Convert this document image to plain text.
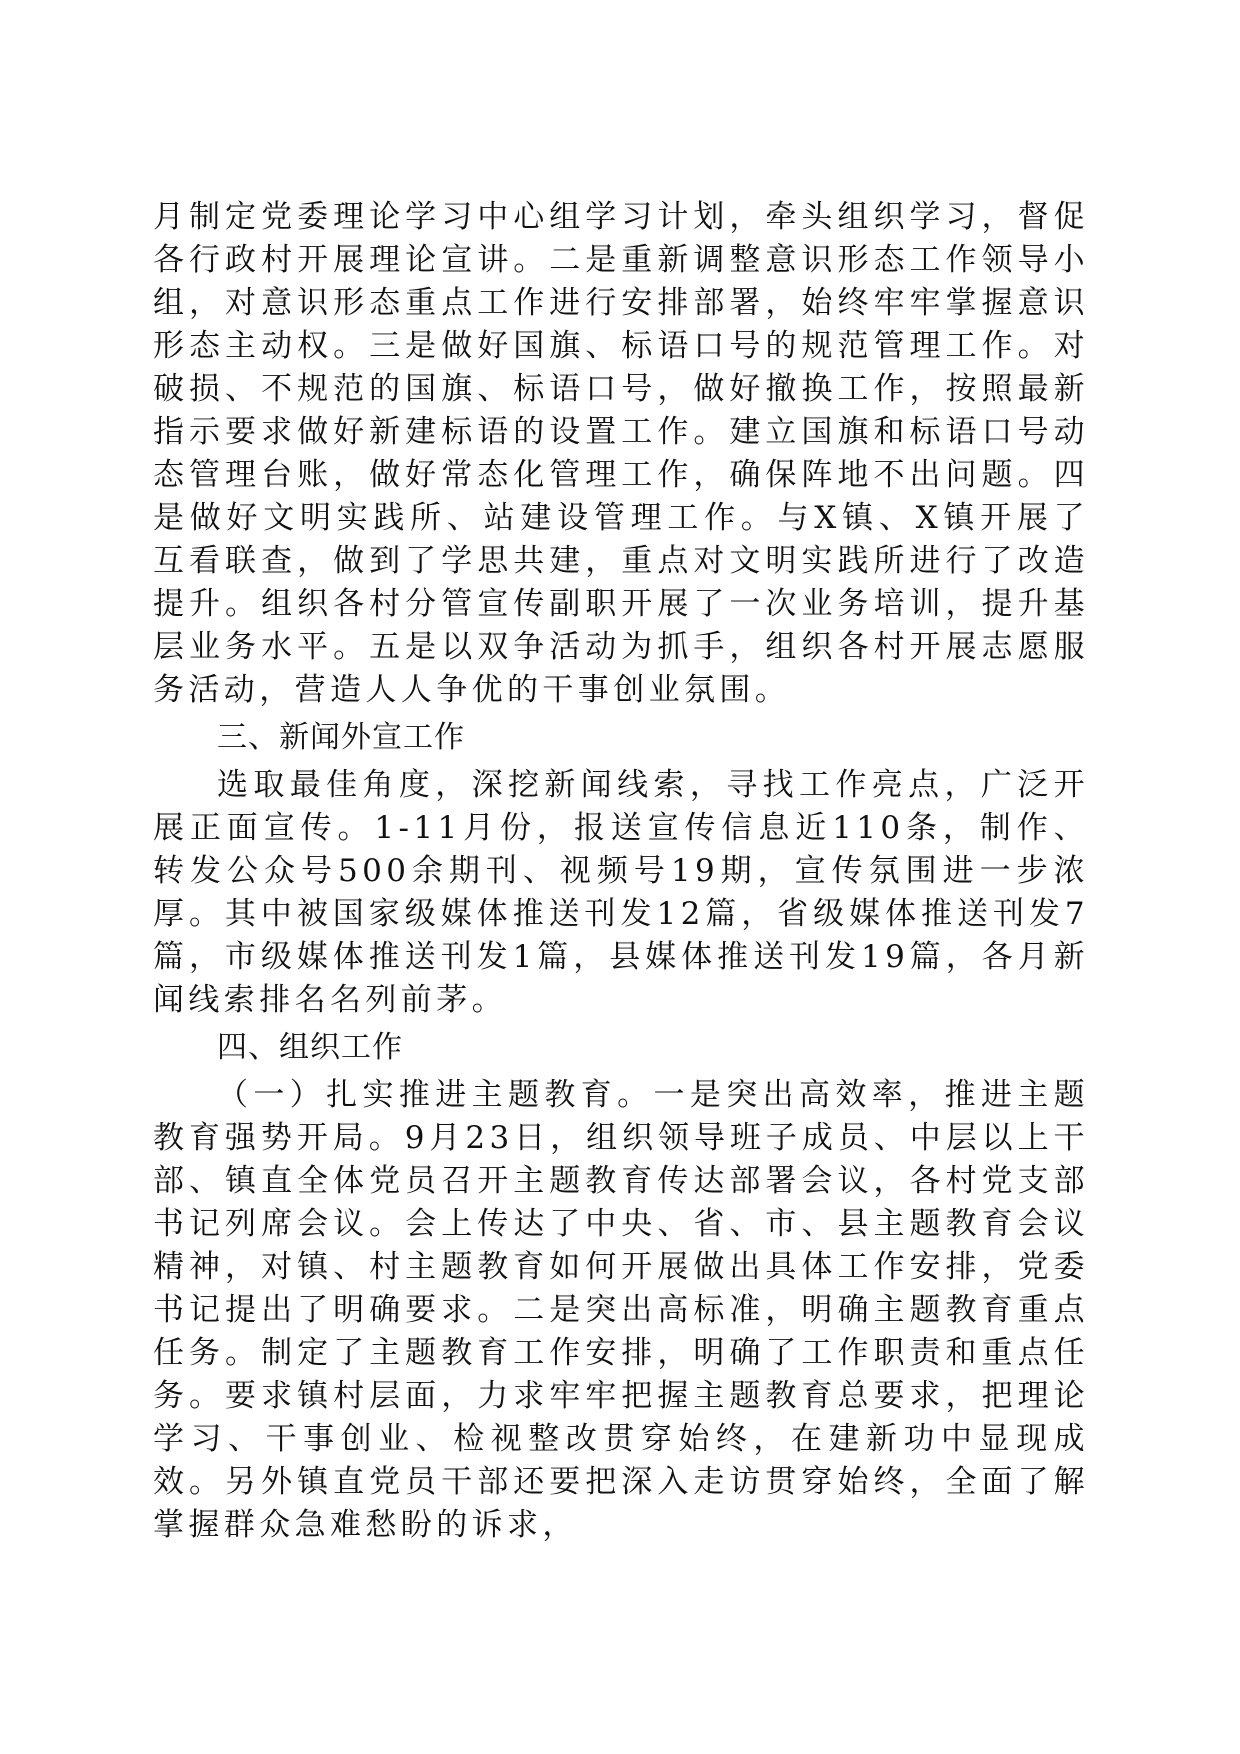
月制定党委理论学习中心组学习计划，牵头组织学习，督促各行政村开展理论宣讲。二是重新调整意识形态工作领导小组，对意识形态重点工作进行安排部署，始终牢牢掌握意识形态主动权。三是做好国旗、标语口号的规范管理工作。对破损、不规范的国旗、标语口号，做好撤换工作，按照最新指示要求做好新建标语的设置工作。建立国旗和标语口号动态管理台账，做好常态化管理工作，确保阵地不出问题。四是做好文明实践所、站建设管理工作。与X镇、X镇开展了互看联查，做到了学思共建，重点对文明实践所进行了改造提升。组织各村分管宣传副职开展了一次业务培训，提升基层业务水平。五是以双争活动为抓手，组织各村开展志愿服务活动，营造人人争优的干事创业氛围。

三、新闻外宣工作

选取最佳角度，深挖新闻线索，寻找工作亮点，广泛开展正面宣传。1-11月份，报送宣传信息近110条，制作、转发公众号500余期刊、视频号19期，宣传氛围进一步浓厚。其中被国家级媒体推送刊发12篇，省级媒体推送刊发7篇，市级媒体推送刊发1篇，县媒体推送刊发19篇，各月新闻线索排名名列前茅。

四、组织工作

（一）扎实推进主题教育。一是突出高效率，推进主题教育强势开局。9月23日，组织领导班子成员、中层以上干部、镇直全体党员召开主题教育传达部署会议，各村党支部书记列席会议。会上传达了中央、省、市、县主题教育会议精神，对镇、村主题教育如何开展做出具体工作安排，党委书记提出了明确要求。二是突出高标准，明确主题教育重点任务。制定了主题教育工作安排，明确了工作职责和重点任务。要求镇村层面，力求牢牢把握主题教育总要求，把理论学习、干事创业、检视整改贯穿始终，在建新功中显现成效。另外镇直党员干部还要把深入走访贯穿始终，全面了解掌握群众急难愁盼的诉求，
